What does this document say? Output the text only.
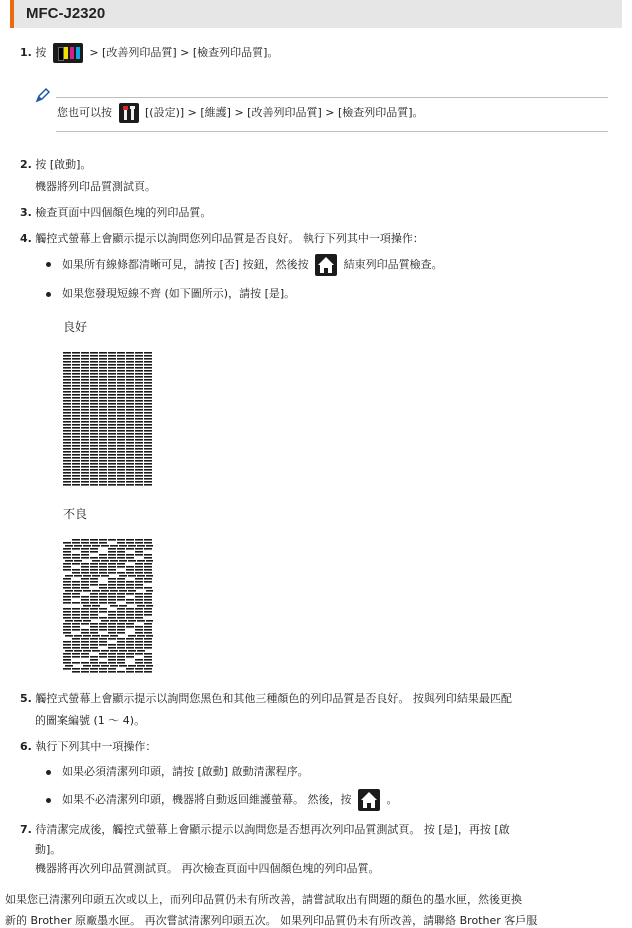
MFC-J2320
1. 按	> [改善列印品質] > [檢查列印品質]。
您也可以按	[(設定)] > [維護] > [改善列印品質] > [檢查列印品質]。
2. 按 [啟動]。
機器將列印品質測試頁。
3. 檢查頁面中四個顏色塊的列印品質。
4. 觸控式螢幕上會顯示提示以詢問您列印品質是否良好。 執行下列其中一項操作：
如果所有線條都清晰可見，請按 [否] 按鈕，然後按	結束列印品質檢查。
如果您發現短線不齊 (如下圖所示)，請按 [是]。
良好
不良
5. 觸控式螢幕上會顯示提示以詢問您黑色和其他三種顏色的列印品質是否良好。 按與列印結果最匹配
的圖案編號 (1 ～ 4)。
6. 執行下列其中一項操作：
如果必須清潔列印頭，請按 [啟動] 啟動清潔程序。
如果不必清潔列印頭，機器將自動返回維護螢幕。 然後，按	。
7. 待清潔完成後，觸控式螢幕上會顯示提示以詢問您是否想再次列印品質測試頁。 按 [是]，再按 [啟
動]。
機器將再次列印品質測試頁。 再次檢查頁面中四個顏色塊的列印品質。
如果您已清潔列印頭五次或以上，而列印品質仍未有所改善，請嘗試取出有問題的顏色的墨水匣，然後更換
新的 Brother 原廠墨水匣。 再次嘗試清潔列印頭五次。 如果列印品質仍未有所改善，請聯絡 Brother 客戶服
